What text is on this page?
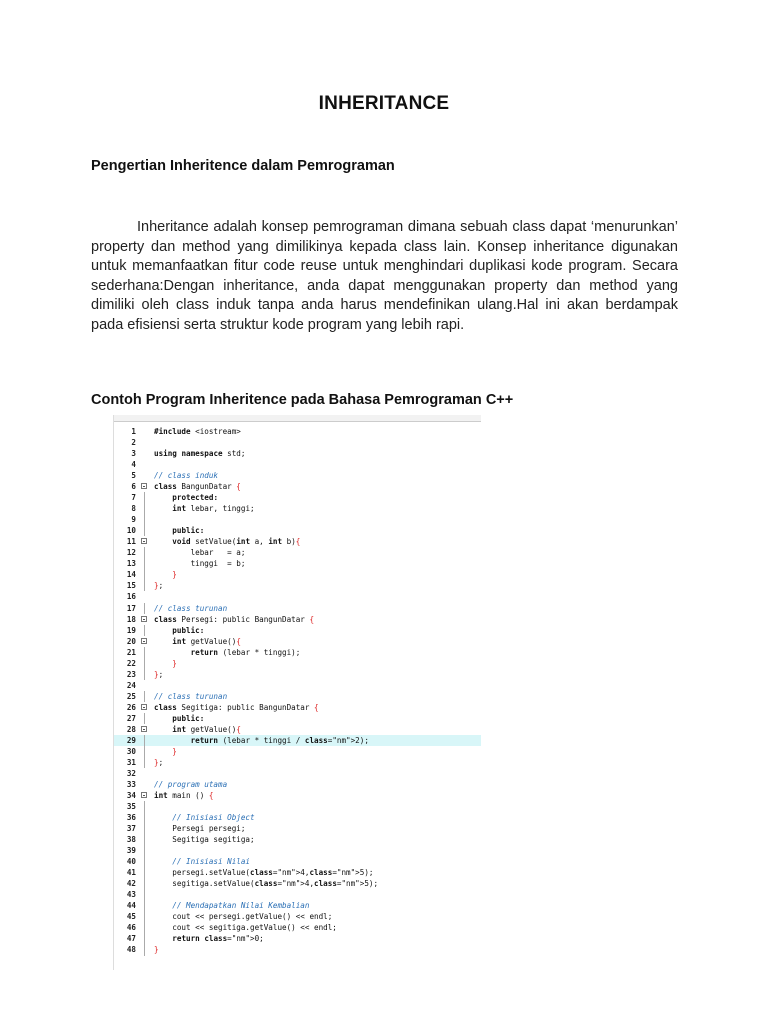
INHERITANCE
Pengertian Inheritence dalam Pemrograman
Inheritance adalah konsep pemrograman dimana sebuah class dapat ‘menurunkan’ property dan method yang dimilikinya kepada class lain. Konsep inheritance digunakan untuk memanfaatkan fitur code reuse untuk menghindari duplikasi kode program. Secara sederhana:Dengan inheritance, anda dapat menggunakan property dan method yang dimiliki oleh class induk tanpa anda harus mendefinikan ulang.Hal ini akan berdampak pada efisiensi serta struktur kode program yang lebih rapi.
Contoh Program Inheritence pada Bahasa Pemrograman C++
1 #include <iostream>
2
3 using namespace std;
4
5 // class induk
6 class BangunDatar {
7	protected:
8	int lebar, tinggi;
9
10	public:
11	void setValue(int a, int b){
12 lebar   = a;
13 tinggi  = b;
14	}
15 };
16
17 // class turunan
18 class Persegi: public BangunDatar {
19	public:
20	int getValue(){
21	return (lebar * tinggi);
22	}
23 };
24
25 // class turunan
26 class Segitiga: public BangunDatar {
27	public:
28	int getValue(){
29	return (lebar * tinggi / class="nm">2);
30	}
31 };
32
33 // program utama
34 int main () {
35
36 // Inisiasi Object
37 Persegi persegi;
38 Segitiga segitiga;
39
40 // Inisiasi Nilai
41 persegi.setValue(class="nm">4,class="nm">5);
42 segitiga.setValue(class="nm">4,class="nm">5);
43
44 // Mendapatkan Nilai Kembalian
45 cout << persegi.getValue() << endl;
46 cout << segitiga.getValue() << endl;
47	return class="nm">0;
48 }
